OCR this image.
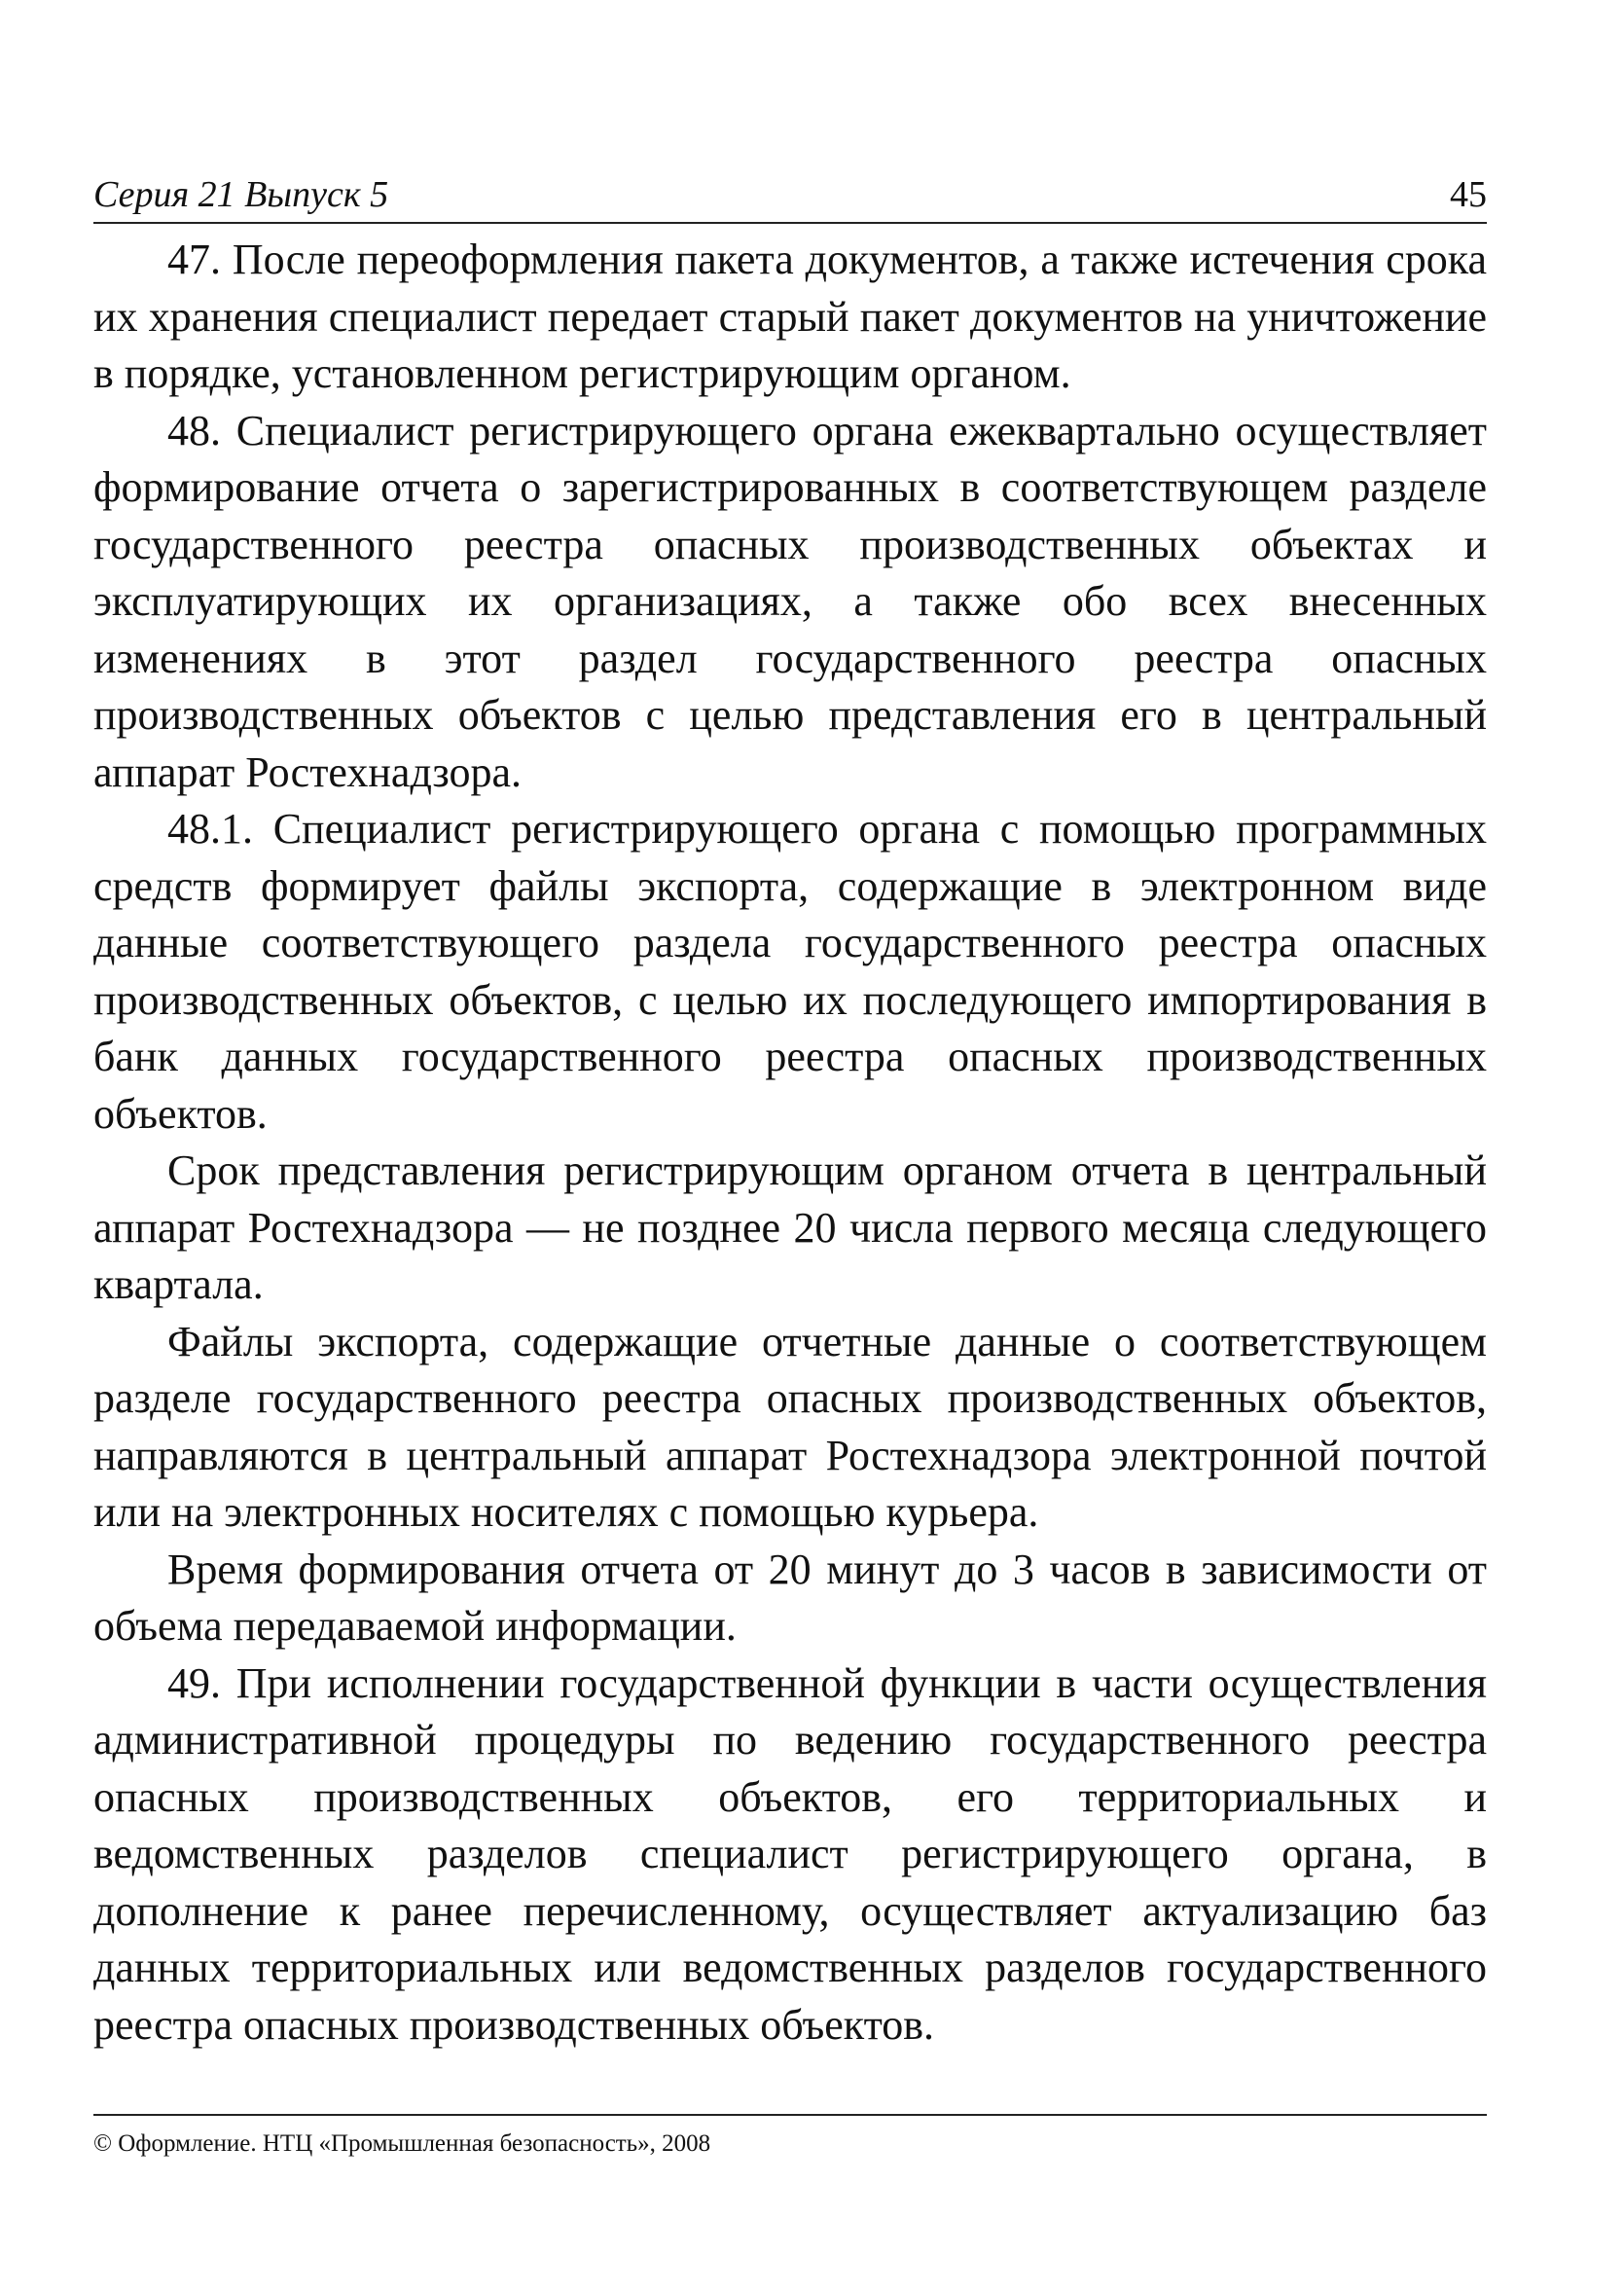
Серия 21 Выпуск 5	45

47. После переоформления пакета документов, а также истечения срока их хранения специалист передает старый пакет документов на уничтожение в порядке, установленном регистрирующим органом.

48. Специалист регистрирующего органа ежеквартально осуществляет формирование отчета о зарегистрированных в соответствующем разделе государственного реестра опасных производственных объектах и эксплуатирующих их организациях, а также обо всех внесенных изменениях в этот раздел государственного реестра опасных производственных объектов с целью представления его в центральный аппарат Ростехнадзора.

48.1. Специалист регистрирующего органа с помощью программных средств формирует файлы экспорта, содержащие в электронном виде данные соответствующего раздела государственного реестра опасных производственных объектов, с целью их последующего импортирования в банк данных государственного реестра опасных производственных объектов.

Срок представления регистрирующим органом отчета в центральный аппарат Ростехнадзора — не позднее 20 числа первого месяца следующего квартала.

Файлы экспорта, содержащие отчетные данные о соответствующем разделе государственного реестра опасных производственных объектов, направляются в центральный аппарат Ростехнадзора электронной почтой или на электронных носителях с помощью курьера.

Время формирования отчета от 20 минут до 3 часов в зависимости от объема передаваемой информации.

49. При исполнении государственной функции в части осуществления административной процедуры по ведению государственного реестра опасных производственных объектов, его территориальных и ведомственных разделов специалист регистрирующего органа, в дополнение к ранее перечисленному, осуществляет актуализацию баз данных территориальных или ведомственных разделов государственного реестра опасных производственных объектов.

© Оформление. НТЦ «Промышленная безопасность», 2008
